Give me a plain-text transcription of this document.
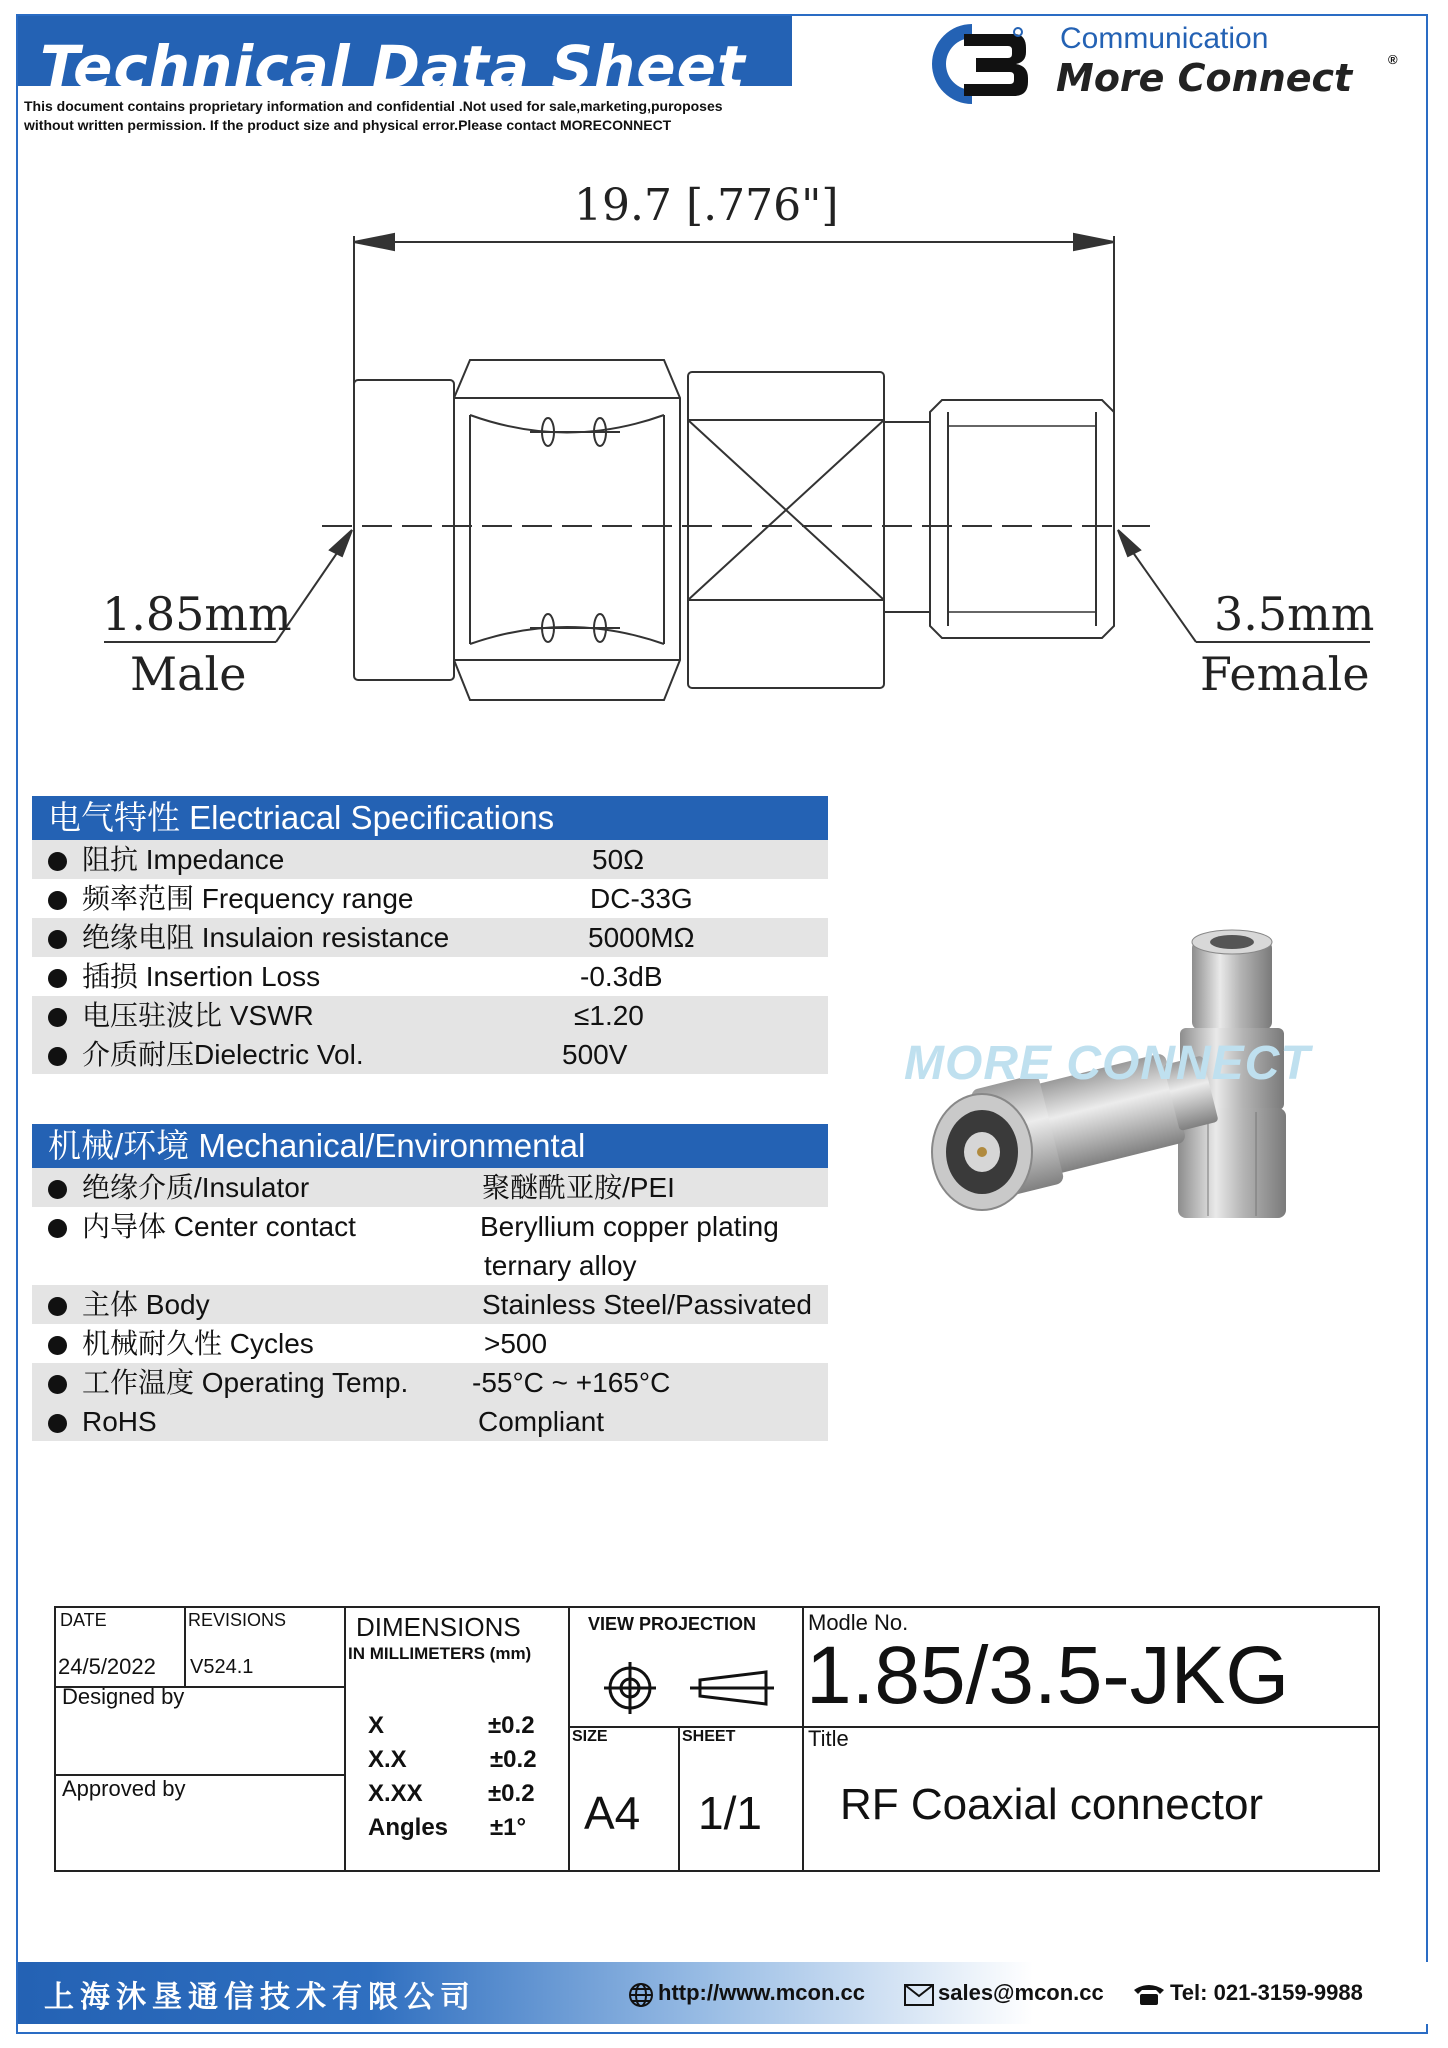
Technical Data Sheet
This document contains proprietary information and confidential .Not used for sale,marketing,puroposes
without written permission. If the product size and physical error.Please contact MORECONNECT
Communication
More Connect	®
19.7 [.776"]
1.85mm
Male
3.5mm
Female
电气特性 Electriacal Specifications
阻抗 Impedance	50Ω
频率范围 Frequency range	DC-33G
绝缘电阻 Insulaion resistance	5000MΩ
插损 Insertion Loss	-0.3dB
电压驻波比 VSWR	≤1.20
介质耐压Dielectric Vol.	500V
机械/环境 Mechanical/Environmental
绝缘介质/Insulator	聚醚酰亚胺/PEI
内导体 Center contact	Beryllium copper plating
ternary alloy
主体 Body	Stainless Steel/Passivated
机械耐久性 Cycles	>500
工作温度 Operating Temp. -55°C ~ +165°C
RoHS	Compliant
MORE CONNECT
DATE
24/5/2022
REVISIONS
V524.1
Designed by
Approved by
DIMENSIONS
IN MILLIMETERS (mm)
X	±0.2
X.X	±0.2
X.XX	±0.2
Angles ±1°
VIEW PROJECTION
SIZE
A4
SHEET
1/1
Modle No.
1.85/3.5-JKG
Title
RF Coaxial connector
上海沐垦通信技术有限公司	http://www.mcon.cc	sales@mcon.cc	Tel: 021-3159-9988
